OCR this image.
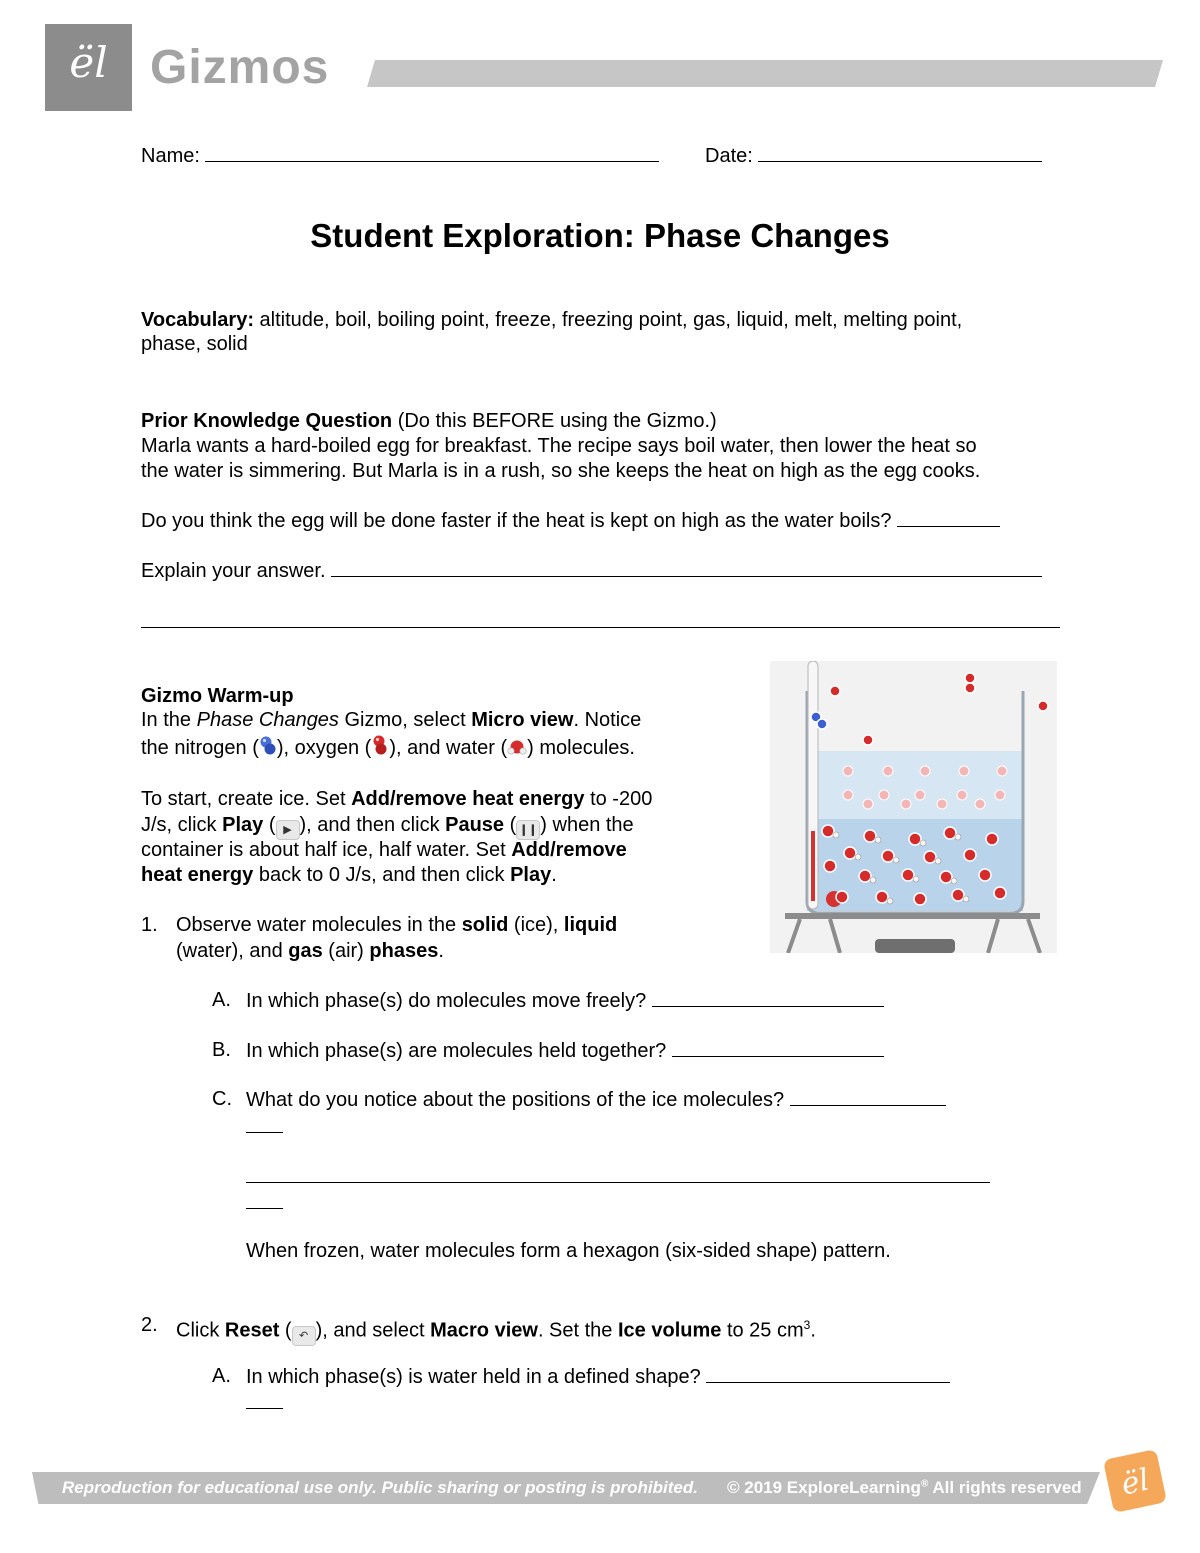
ël Gizmos
Name:	Date:
Student Exploration: Phase Changes
Vocabulary: altitude, boil, boiling point, freeze, freezing point, gas, liquid, melt, melting point,
phase, solid
Prior Knowledge Question (Do this BEFORE using the Gizmo.)
Marla wants a hard-boiled egg for breakfast. The recipe says boil water, then lower the heat so
the water is simmering. But Marla is in a rush, so she keeps the heat on high as the egg cooks.
Do you think the egg will be done faster if the heat is kept on high as the water boils?
Explain your answer.
Gizmo Warm-up
In the Phase Changes Gizmo, select Micro view. Notice
the nitrogen ( ), oxygen ( ), and water ( ) molecules.
To start, create ice. Set Add/remove heat energy to -200
J/s, click Play ( ▶ ), and then click Pause ( ❙❙ ) when the
container is about half ice, half water. Set Add/remove
heat energy back to 0 J/s, and then click Play.
1. Observe water molecules in the solid (ice), liquid
(water), and gas (air) phases.
A. In which phase(s) do molecules move freely?
B. In which phase(s) are molecules held together?
C. What do you notice about the positions of the ice molecules?
When frozen, water molecules form a hexagon (six-sided shape) pattern.
2. Click Reset ( ↶ ), and select Macro view. Set the Ice volume to 25 $cm^3$.
A. In which phase(s) is water held in a defined shape?
Reproduction for educational use only. Public sharing or posting is prohibited. © 2019 ExploreLearning® All rights reserved ël
